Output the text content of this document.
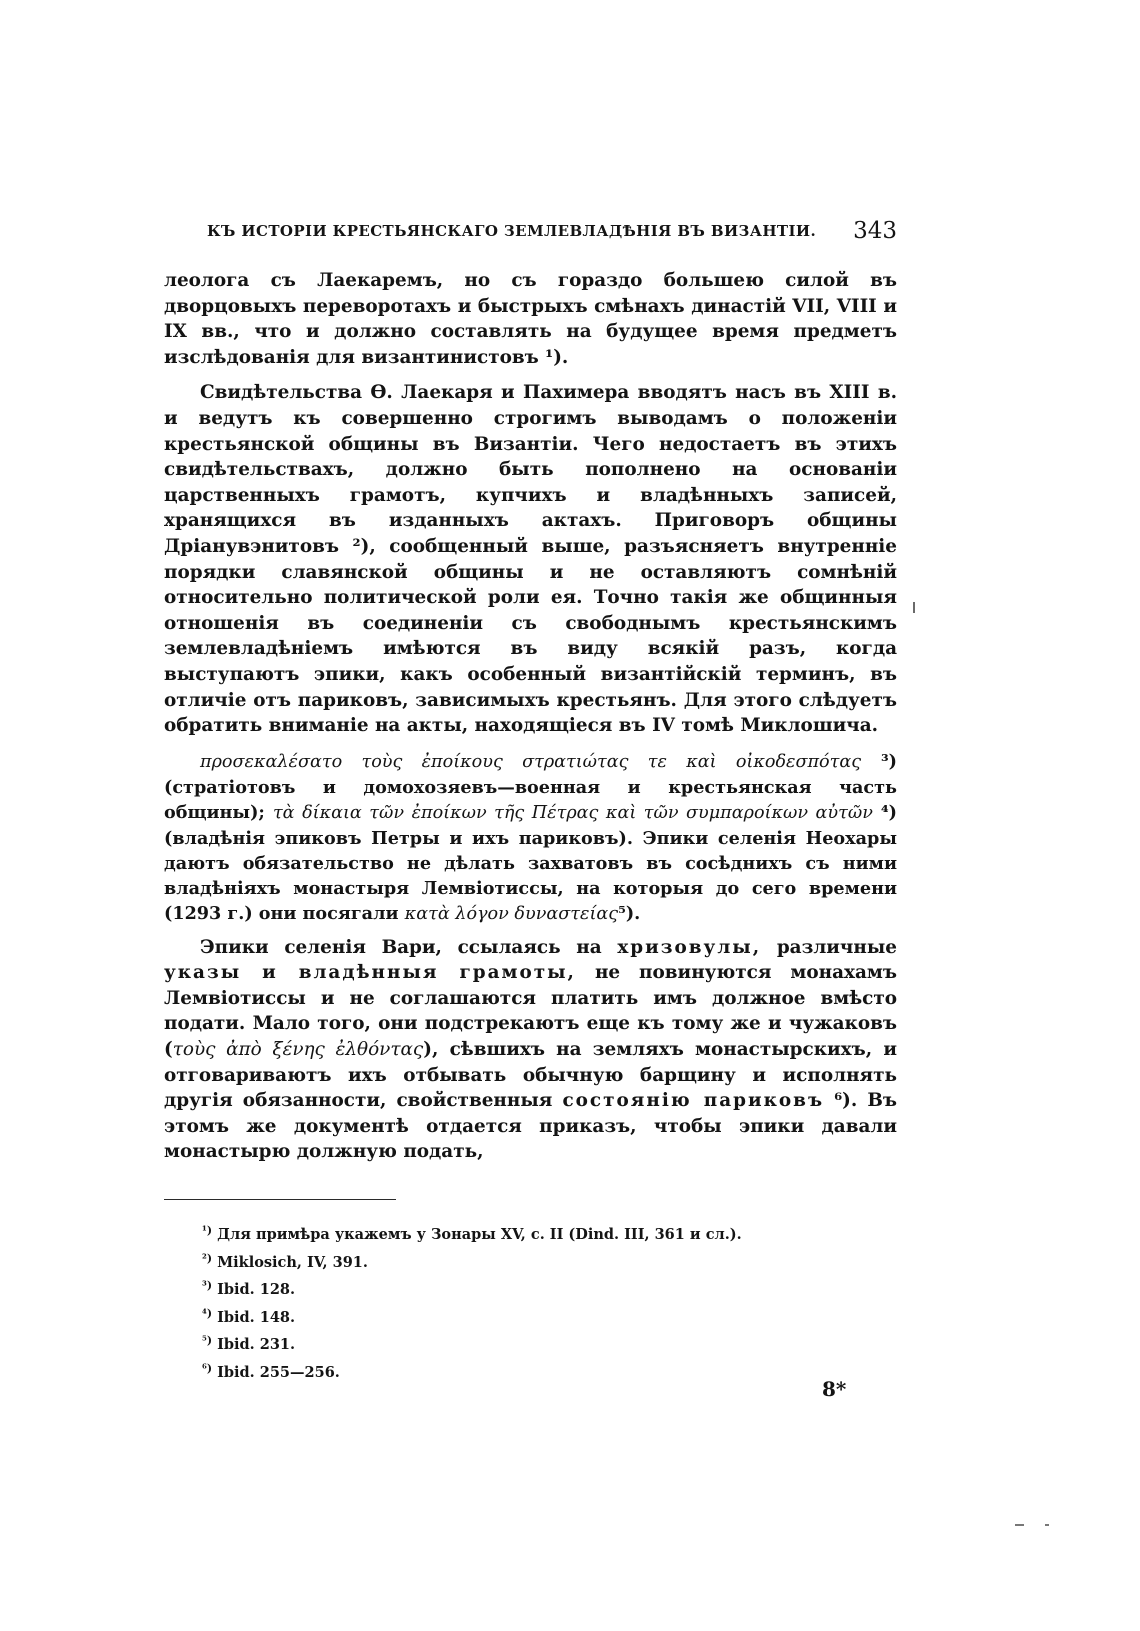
КЪ ИСТОРІИ КРЕСТЬЯНСКАГО ЗЕМЛЕВЛАДѢНІЯ ВЪ ВИЗАНТІИ. 343

леолога съ Лаекаремъ, но съ гораздо большею силой въ дворцовыхъ переворотахъ и быстрыхъ смѣнахъ династій VII, VIII и IX вв., что и должно составлять на будущее время предметъ изслѣдованія для византинистовъ ¹).

Свидѣтельства Ѳ. Лаекаря и Пахимера вводятъ насъ въ XIII в. и ведутъ къ совершенно строгимъ выводамъ о положеніи крестьянской общины въ Византіи. Чего недостаетъ въ этихъ свидѣтельствахъ, должно быть пополнено на основаніи царственныхъ грамотъ, купчихъ и владѣнныхъ записей, хранящихся въ изданныхъ актахъ. Приговоръ общины Дріанувэнитовъ ²), сообщенный выше, разъясняетъ внутренніе порядки славянской общины и не оставляютъ сомнѣній относительно политической роли ея. Точно такія же общинныя отношенія въ соединеніи съ свободнымъ крестьянскимъ землевладѣніемъ имѣются въ виду всякій разъ, когда выступаютъ эпики, какъ особенный византійскій терминъ, въ отличіе отъ париковъ, зависимыхъ крестьянъ. Для этого слѣдуетъ обратить вниманіе на акты, находящіеся въ IV томѣ Миклошича.

προσεκαλέσατο τοὺς ἐποίκους στρατιώτας τε καὶ οἰκοδεσπότας ³) (стратіотовъ и домохозяевъ—военная и крестьянская часть общины); τὰ δίκαια τῶν ἐποίκων τῆς Πέτρας καὶ τῶν συμπαροίκων αὐτῶν ⁴) (владѣнія эпиковъ Петры и ихъ париковъ). Эпики селенія Неохары даютъ обязательство не дѣлать захватовъ въ сосѣднихъ съ ними владѣніяхъ монастыря Лемвіотиссы, на которыя до сего времени (1293 г.) они посягали κατὰ λόγον δυναστείας⁵).

Эпики селенія Вари, ссылаясь на хризовулы, различные указы и владѣнныя грамоты, не повинуются монахамъ Лемвіотиссы и не соглашаются платить имъ должное вмѣсто подати. Мало того, они подстрекаютъ еще къ тому же и чужаковъ (τοὺς ἀπὸ ξένης ἐλθόντας), сѣвшихъ на земляхъ монастырскихъ, и отговариваютъ ихъ отбывать обычную барщину и исполнять другія обязанности, свойственныя состоянію париковъ ⁶). Въ этомъ же документѣ отдается приказъ, чтобы эпики давали монастырю должную подать,

$^{^1)}$ Для примѣра укажемъ у Зонары XV, с. II (Dind. III, 361 и сл.).
$^{^2)}$ Miklosich, IV, 391.
$^{^3)}$ Ibid. 128.
$^{^4)}$ Ibid. 148.
$^{^5)}$ Ibid. 231.
$^{^6)}$ Ibid. 255—256.
8*
